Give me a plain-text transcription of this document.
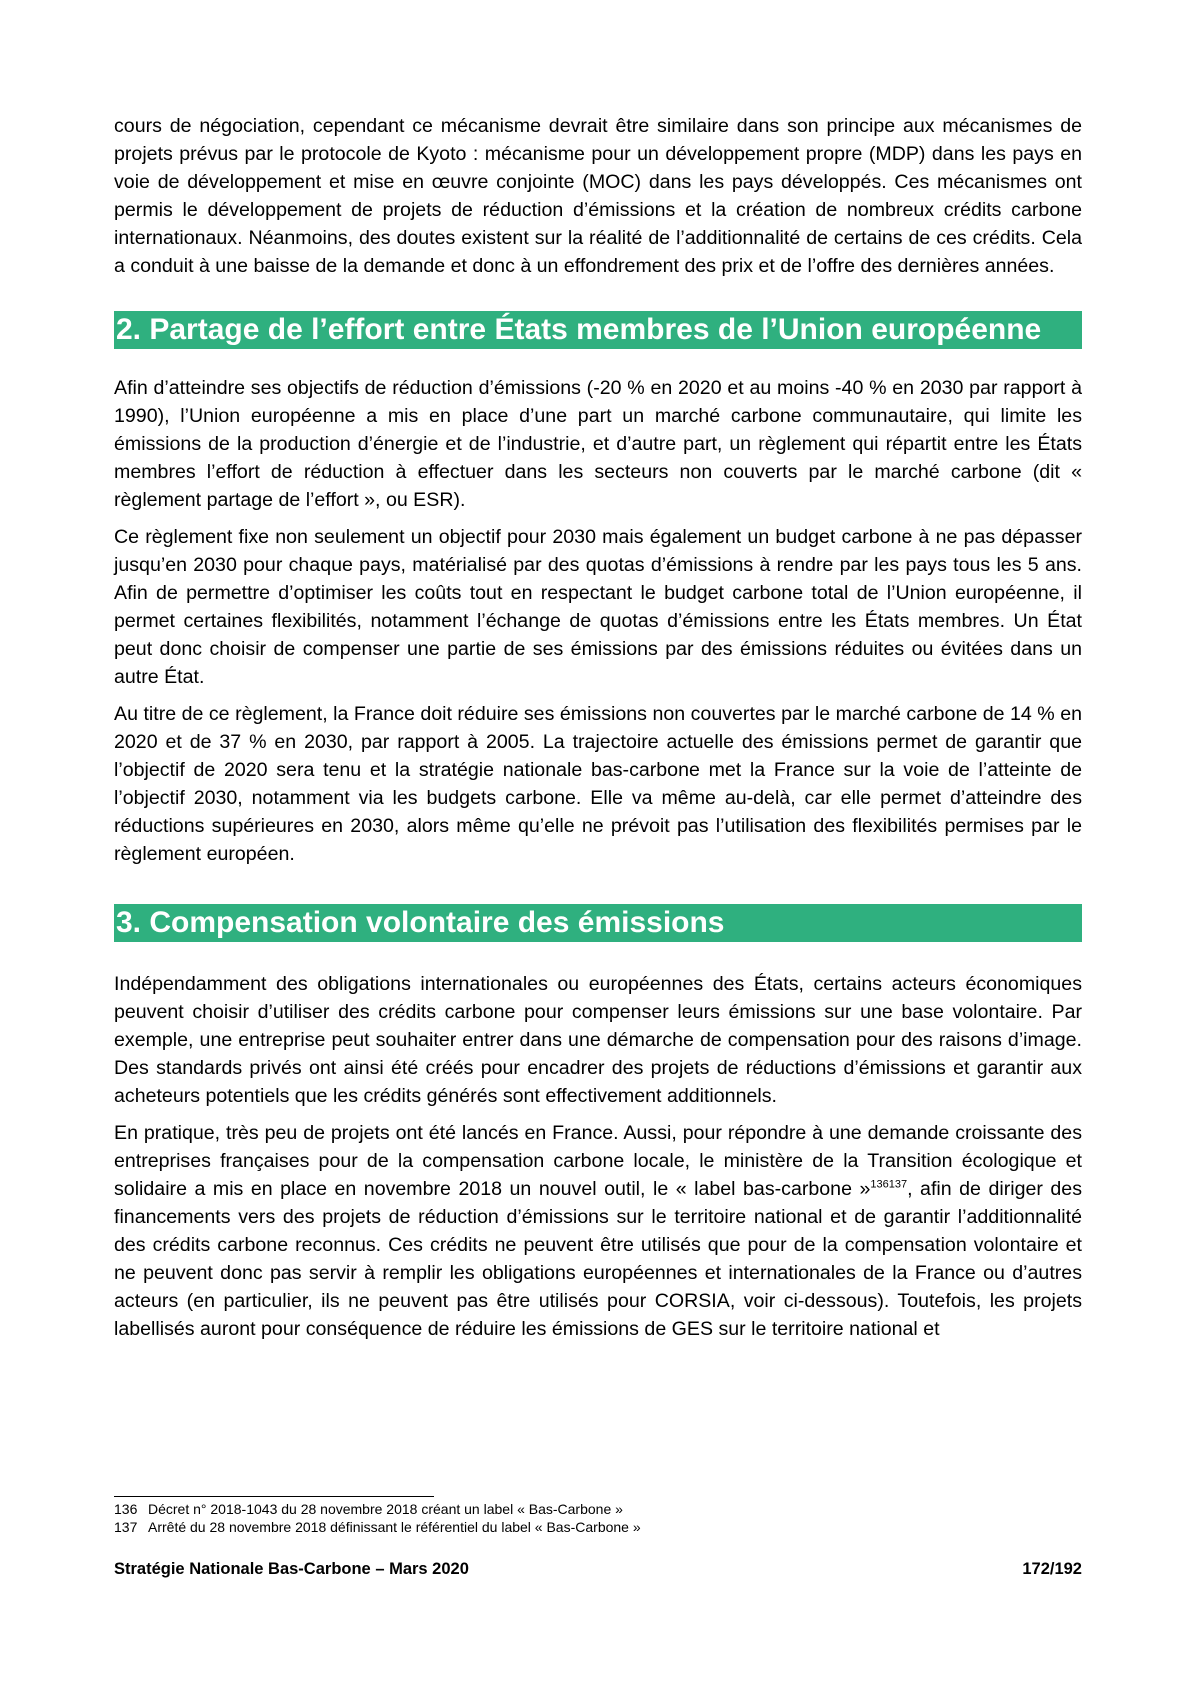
cours de négociation, cependant ce mécanisme devrait être similaire dans son principe aux mécanismes de projets prévus par le protocole de Kyoto : mécanisme pour un développement propre (MDP) dans les pays en voie de développement et mise en œuvre conjointe (MOC) dans les pays développés. Ces mécanismes ont permis le développement de projets de réduction d’émissions et la création de nombreux crédits carbone internationaux. Néanmoins, des doutes existent sur la réalité de l’additionnalité de certains de ces crédits. Cela a conduit à une baisse de la demande et donc à un effondrement des prix et de l’offre des dernières années.

2. Partage de l’effort entre États membres de l’Union européenne

Afin d’atteindre ses objectifs de réduction d’émissions (-20 % en 2020 et au moins -40 % en 2030 par rapport à 1990), l’Union européenne a mis en place d’une part un marché carbone communautaire, qui limite les émissions de la production d’énergie et de l’industrie, et d’autre part, un règlement qui répartit entre les États membres l’effort de réduction à effectuer dans les secteurs non couverts par le marché carbone (dit « règlement partage de l’effort », ou ESR).

Ce règlement fixe non seulement un objectif pour 2030 mais également un budget carbone à ne pas dépasser jusqu’en 2030 pour chaque pays, matérialisé par des quotas d’émissions à rendre par les pays tous les 5 ans. Afin de permettre d’optimiser les coûts tout en respectant le budget carbone total de l’Union européenne, il permet certaines flexibilités, notamment l’échange de quotas d’émissions entre les États membres. Un État peut donc choisir de compenser une partie de ses émissions par des émissions réduites ou évitées dans un autre État.

Au titre de ce règlement, la France doit réduire ses émissions non couvertes par le marché carbone de 14 % en 2020 et de 37 % en 2030, par rapport à 2005. La trajectoire actuelle des émissions permet de garantir que l’objectif de 2020 sera tenu et la stratégie nationale bas-carbone met la France sur la voie de l’atteinte de l’objectif 2030, notamment via les budgets carbone. Elle va même au-delà, car elle permet d’atteindre des réductions supérieures en 2030, alors même qu’elle ne prévoit pas l’utilisation des flexibilités permises par le règlement européen.

3. Compensation volontaire des émissions

Indépendamment des obligations internationales ou européennes des États, certains acteurs économiques peuvent choisir d’utiliser des crédits carbone pour compenser leurs émissions sur une base volontaire. Par exemple, une entreprise peut souhaiter entrer dans une démarche de compensation pour des raisons d’image. Des standards privés ont ainsi été créés pour encadrer des projets de réductions d’émissions et garantir aux acheteurs potentiels que les crédits générés sont effectivement additionnels.

En pratique, très peu de projets ont été lancés en France. Aussi, pour répondre à une demande croissante des entreprises françaises pour de la compensation carbone locale, le ministère de la Transition écologique et solidaire a mis en place en novembre 2018 un nouvel outil, le « label bas-carbone »$^{136137}$, afin de diriger des financements vers des projets de réduction d’émissions sur le territoire national et de garantir l’additionnalité des crédits carbone reconnus. Ces crédits ne peuvent être utilisés que pour de la compensation volontaire et ne peuvent donc pas servir à remplir les obligations européennes et internationales de la France ou d’autres acteurs (en particulier, ils ne peuvent pas être utilisés pour CORSIA, voir ci-dessous). Toutefois, les projets labellisés auront pour conséquence de réduire les émissions de GES sur le territoire national et

136 Décret n° 2018-1043 du 28 novembre 2018 créant un label « Bas-Carbone »
137 Arrêté du 28 novembre 2018 définissant le référentiel du label « Bas-Carbone »
Stratégie Nationale Bas-Carbone – Mars 2020	172/192
